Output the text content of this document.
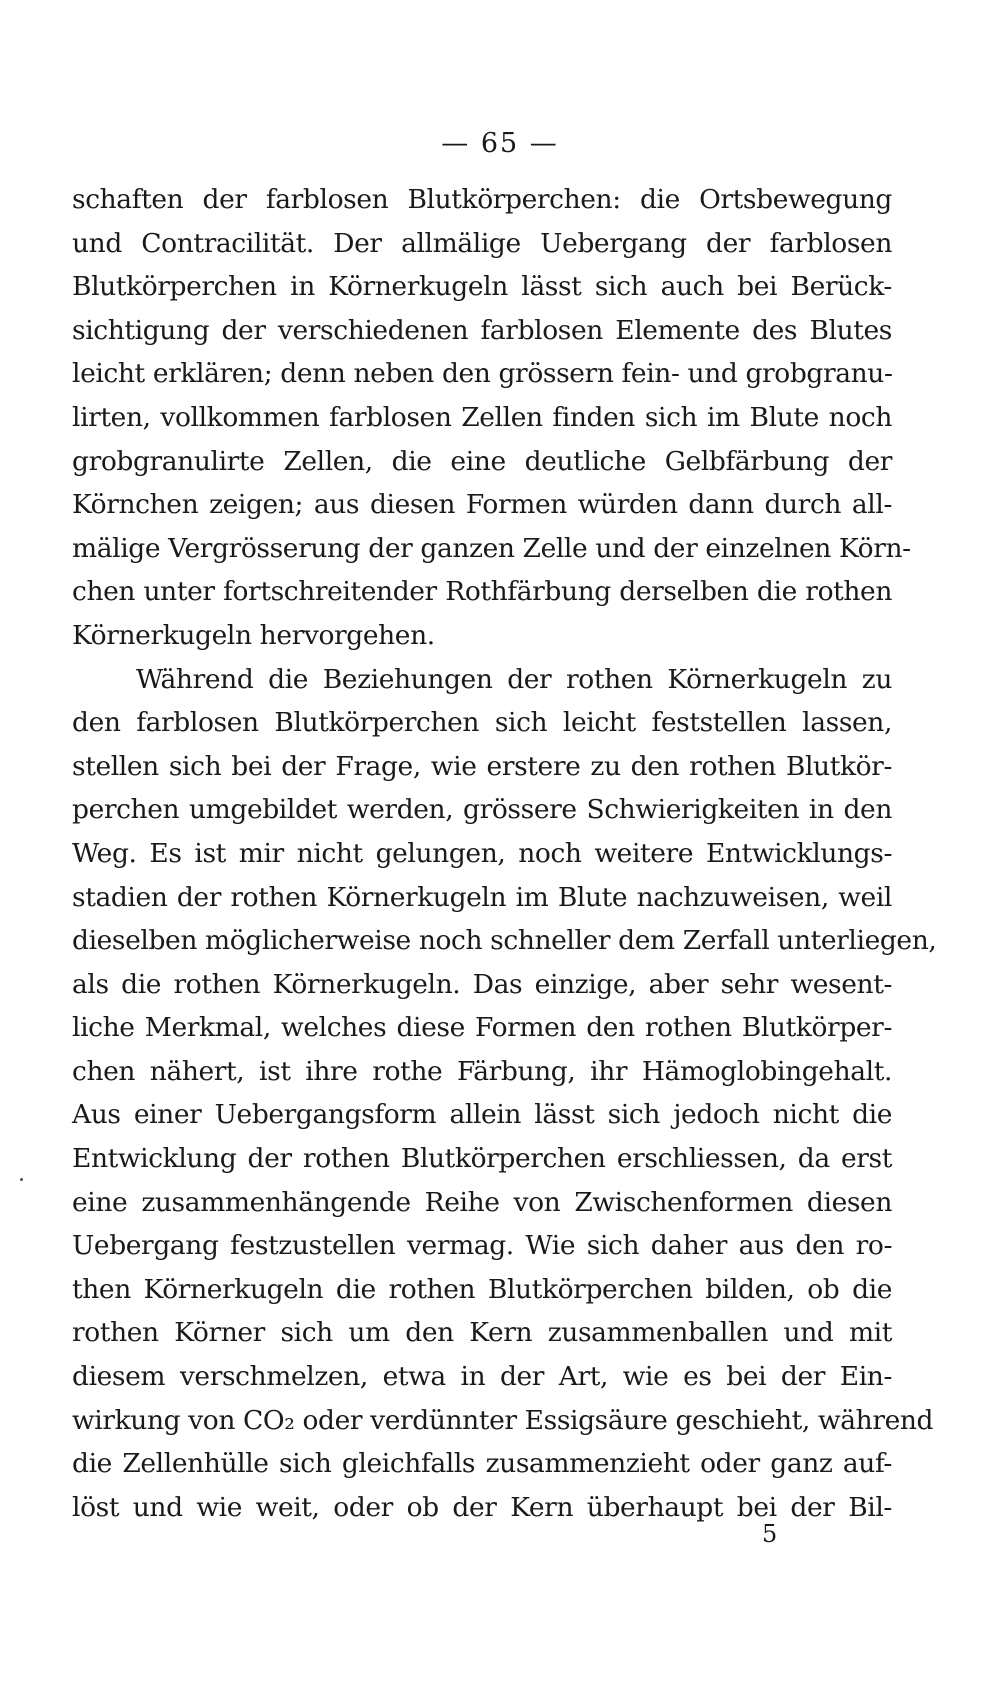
— 65 —
schaften der farblosen Blutkörperchen: die Ortsbewegung
und Contracilität. Der allmälige Uebergang der farblosen
Blutkörperchen in Körnerkugeln lässt sich auch bei Berück-
sichtigung der verschiedenen farblosen Elemente des Blutes
leicht erklären; denn neben den grössern fein- und grobgranu-
lirten, vollkommen farblosen Zellen finden sich im Blute noch
grobgranulirte Zellen, die eine deutliche Gelbfärbung der
Körnchen zeigen; aus diesen Formen würden dann durch all-
mälige Vergrösserung der ganzen Zelle und der einzelnen Körn-
chen unter fortschreitender Rothfärbung derselben die rothen
Körnerkugeln hervorgehen.
Während die Beziehungen der rothen Körnerkugeln zu
den farblosen Blutkörperchen sich leicht feststellen lassen,
stellen sich bei der Frage, wie erstere zu den rothen Blutkör-
perchen umgebildet werden, grössere Schwierigkeiten in den
Weg. Es ist mir nicht gelungen, noch weitere Entwicklungs-
stadien der rothen Körnerkugeln im Blute nachzuweisen, weil
dieselben möglicherweise noch schneller dem Zerfall unterliegen,
als die rothen Körnerkugeln. Das einzige, aber sehr wesent-
liche Merkmal, welches diese Formen den rothen Blutkörper-
chen nähert, ist ihre rothe Färbung, ihr Hämoglobingehalt.
Aus einer Uebergangsform allein lässt sich jedoch nicht die
Entwicklung der rothen Blutkörperchen erschliessen, da erst
eine zusammenhängende Reihe von Zwischenformen diesen
Uebergang festzustellen vermag. Wie sich daher aus den ro-
then Körnerkugeln die rothen Blutkörperchen bilden, ob die
rothen Körner sich um den Kern zusammenballen und mit
diesem verschmelzen, etwa in der Art, wie es bei der Ein-
wirkung von CO₂ oder verdünnter Essigsäure geschieht, während
die Zellenhülle sich gleichfalls zusammenzieht oder ganz auf-
löst und wie weit, oder ob der Kern überhaupt bei der Bil-
5
